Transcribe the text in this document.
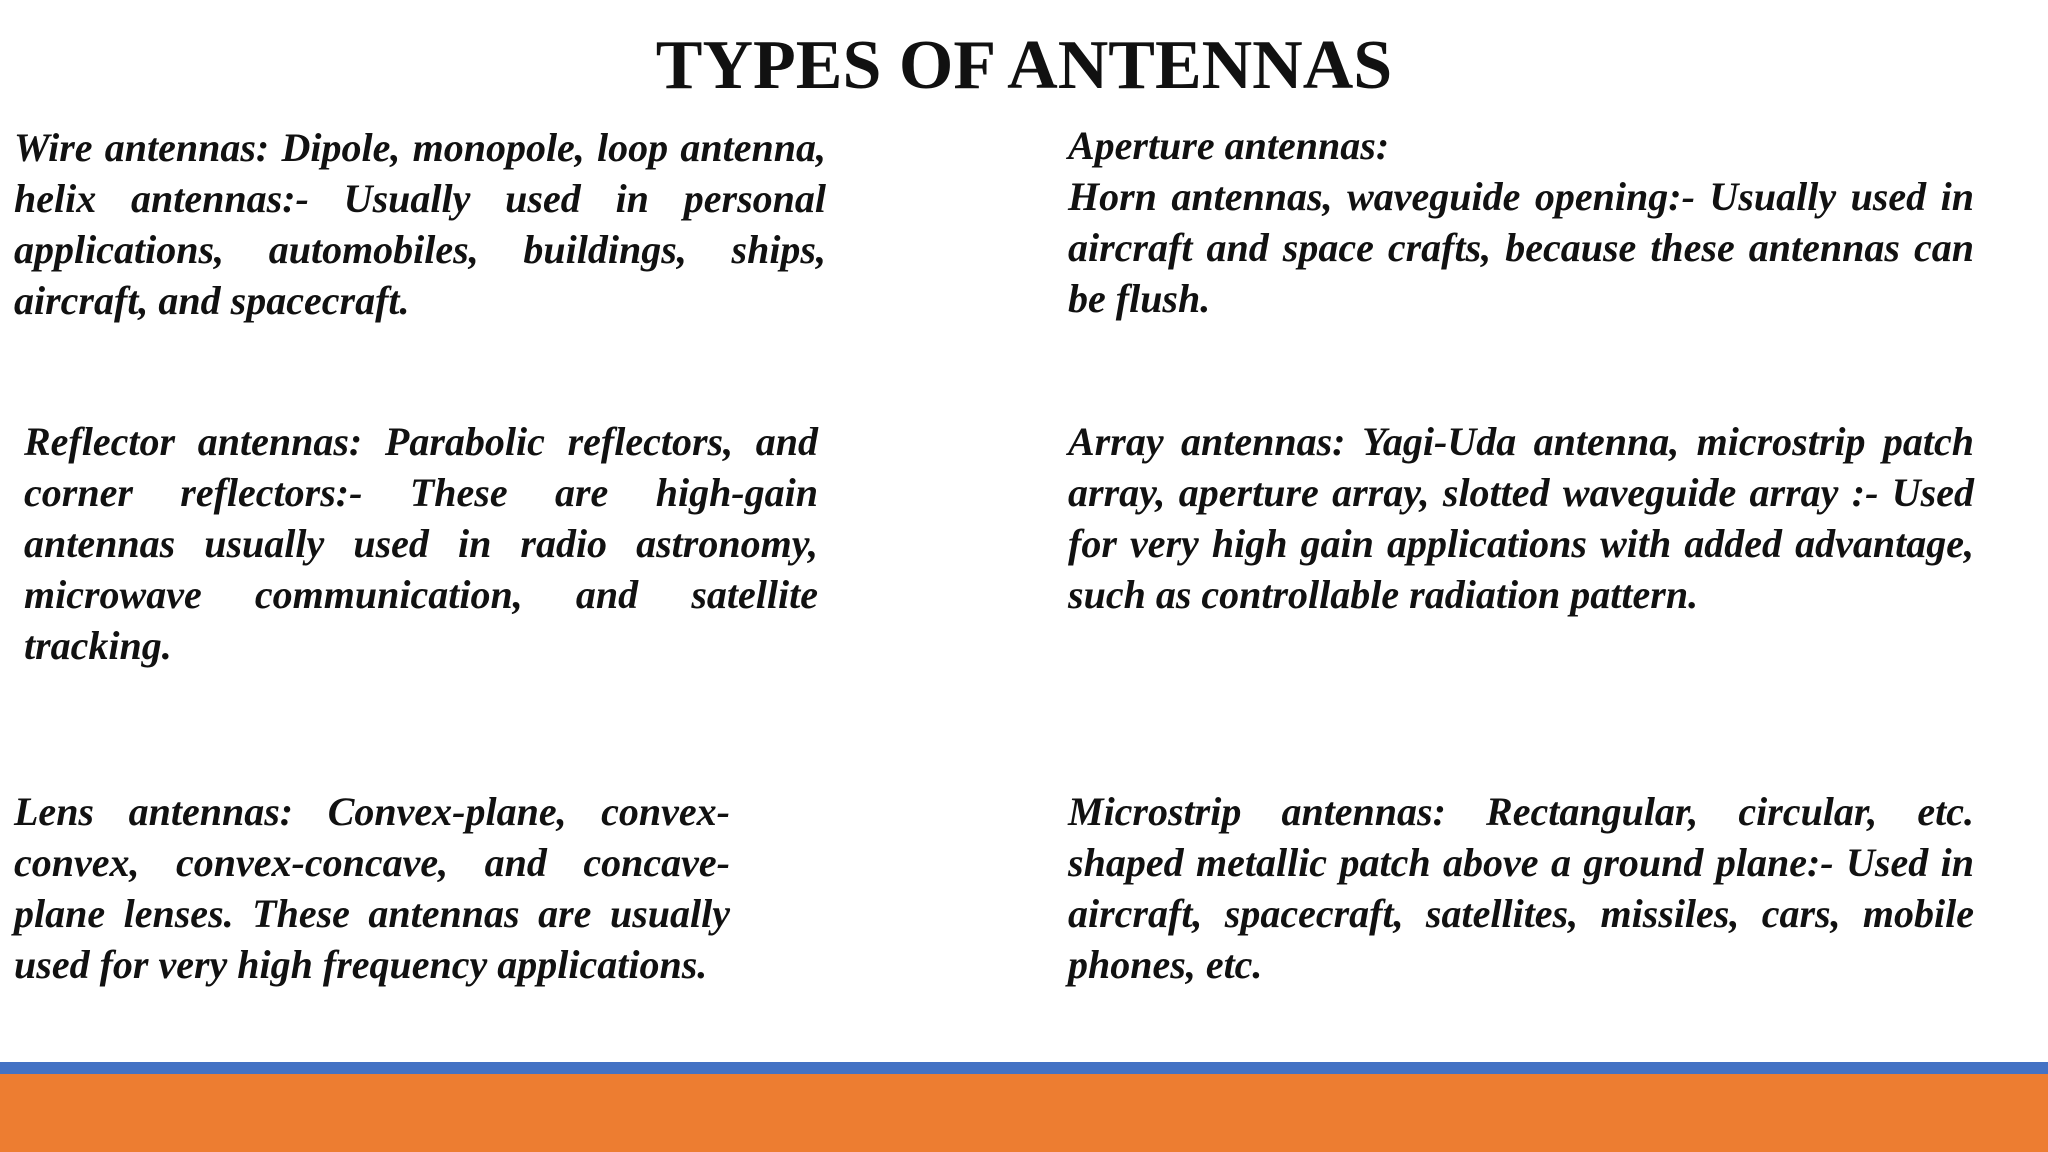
TYPES OF ANTENNAS
Wire antennas: Dipole, monopole, loop antenna, helix antennas:- Usually used in personal applications, automobiles, buildings, ships, aircraft, and spacecraft.
Aperture antennas:
Horn antennas, waveguide opening:- Usually used in aircraft and space crafts, because these antennas can be flush.
Reflector antennas: Parabolic reflectors, and corner reflectors:- These are high-gain antennas usually used in radio astronomy, microwave communication, and satellite tracking.
Array antennas: Yagi-Uda antenna, microstrip patch array, aperture array, slotted waveguide array :- Used for very high gain applications with added advantage, such as controllable radiation pattern.
Lens antennas: Convex-plane, convex-convex, convex-concave, and concave-plane lenses. These antennas are usually used for very high frequency applications.
Microstrip antennas: Rectangular, circular, etc. shaped metallic patch above a ground plane:- Used in aircraft, spacecraft, satellites, missiles, cars, mobile phones, etc.
